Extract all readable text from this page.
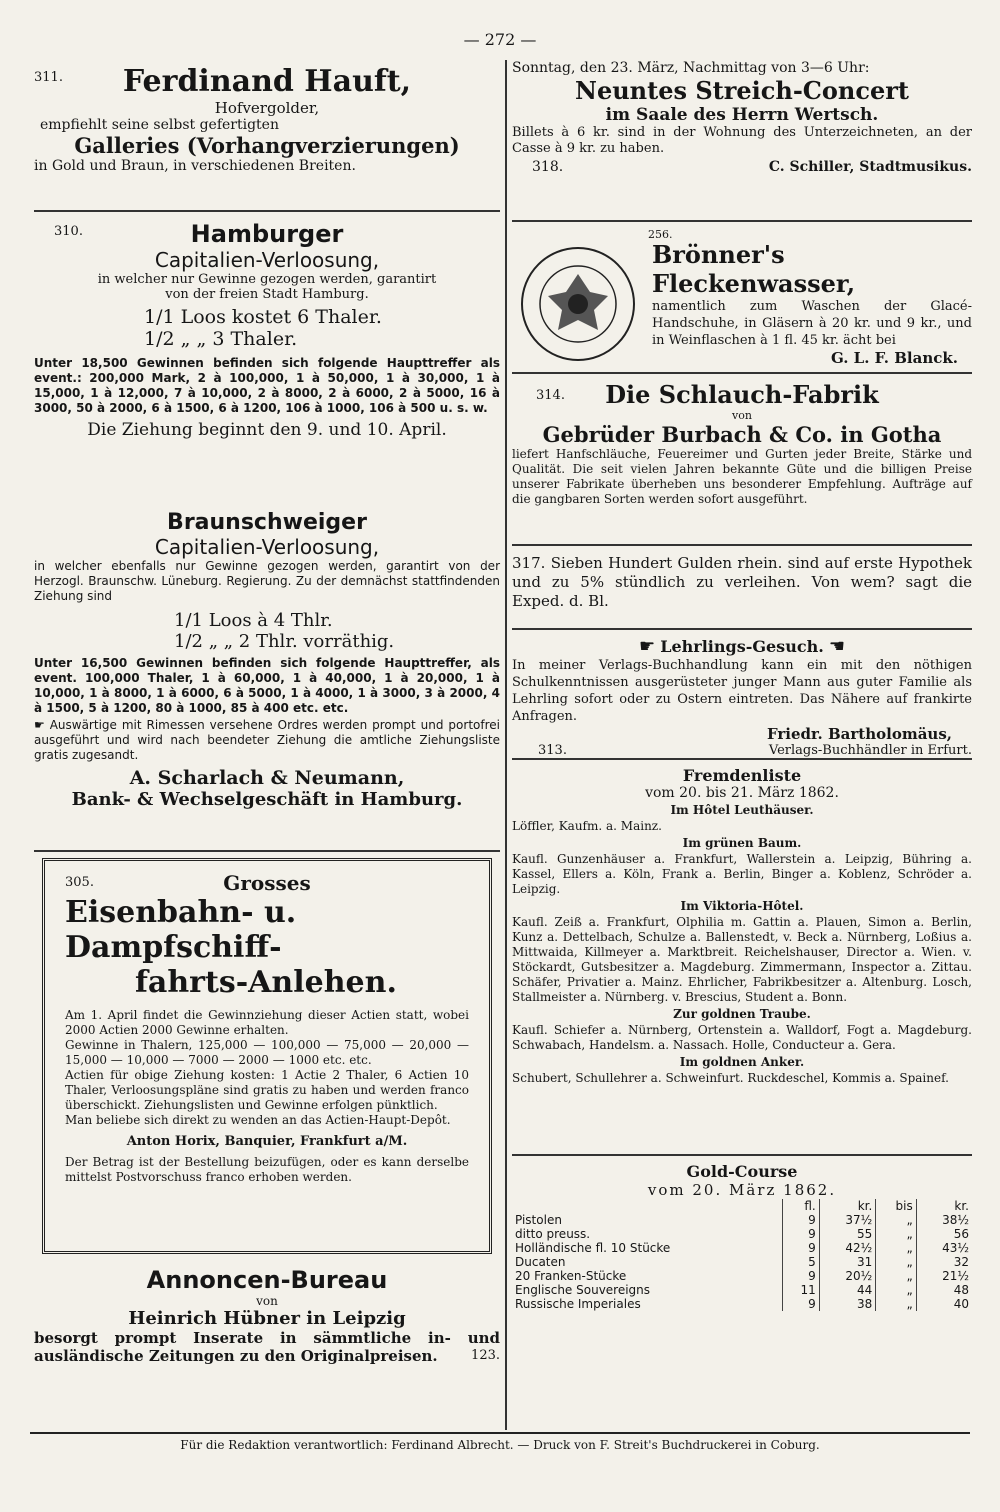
— 272 —
311.	Ferdinand Hauft,
Hofvergolder,
empfiehlt seine selbst gefertigten
Galleries (Vorhangverzierungen)
in Gold und Braun, in verschiedenen Breiten.
310.	Hamburger
Capitalien-Verloosung,
in welcher nur Gewinne gezogen werden, garantirt
von der freien Stadt Hamburg.
1/1 Loos kostet 6 Thaler.
1/2 „ „ 3 Thaler.
Unter 18,500 Gewinnen befinden sich folgende Haupttreffer als event.: 200,000 Mark, 2 à 100,000, 1 à 50,000, 1 à 30,000, 1 à 15,000, 1 à 12,000, 7 à 10,000, 2 à 8000, 2 à 6000, 2 à 5000, 16 à 3000, 50 à 2000, 6 à 1500, 6 à 1200, 106 à 1000, 106 à 500 u. s. w.
Die Ziehung beginnt den 9. und 10. April.
Braunschweiger
Capitalien-Verloosung,
in welcher ebenfalls nur Gewinne gezogen werden, garantirt von der Herzogl. Braunschw. Lüneburg. Regierung. Zu der demnächst stattfindenden Ziehung sind
1/1 Loos à 4 Thlr.
1/2 „ „ 2 Thlr. vorräthig.
Unter 16,500 Gewinnen befinden sich folgende Haupttreffer, als event. 100,000 Thaler, 1 à 60,000, 1 à 40,000, 1 à 20,000, 1 à 10,000, 1 à 8000, 1 à 6000, 6 à 5000, 1 à 4000, 1 à 3000, 3 à 2000, 4 à 1500, 5 à 1200, 80 à 1000, 85 à 400 etc. etc.
☛ Auswärtige mit Rimessen versehene Ordres werden prompt und portofrei ausgeführt und wird nach beendeter Ziehung die amtliche Ziehungsliste gratis zugesandt.
A. Scharlach & Neumann,
Bank- & Wechselgeschäft in Hamburg.
305.	Grosses
Eisenbahn- u. Dampfschiff-
fahrts-Anlehen.
Am 1. April findet die Gewinnziehung dieser Actien statt, wobei 2000 Actien 2000 Gewinne erhalten.
Gewinne in Thalern, 125,000 — 100,000 — 75,000 — 20,000 — 15,000 — 10,000 — 7000 — 2000 — 1000 etc. etc.
Actien für obige Ziehung kosten: 1 Actie 2 Thaler, 6 Actien 10 Thaler, Verloosungspläne sind gratis zu haben und werden franco überschickt. Ziehungslisten und Gewinne erfolgen pünktlich.
Man beliebe sich direkt zu wenden an das Actien-Haupt-Depôt.
Anton Horix, Banquier, Frankfurt a/M.
Der Betrag ist der Bestellung beizufügen, oder es kann derselbe mittelst Postvorschuss franco erhoben werden.
Annoncen-Bureau
von
Heinrich Hübner in Leipzig
besorgt prompt Inserate in sämmtliche in- und ausländische Zeitungen zu den Originalpreisen.	123.
Sonntag, den 23. März, Nachmittag von 3—6 Uhr:
Neuntes Streich-Concert
im Saale des Herrn Wertsch.
Billets à 6 kr. sind in der Wohnung des Unterzeichneten, an der Casse à 9 kr. zu haben.
318.	C. Schiller, Stadtmusikus.
256.
Brönner's Fleckenwasser,
namentlich zum Waschen der Glacé-Handschuhe, in Gläsern à 20 kr. und 9 kr., und in Weinflaschen à 1 fl. 45 kr. ächt bei
G. L. F. Blanck.
314.	Die Schlauch-Fabrik
von
Gebrüder Burbach & Co. in Gotha
liefert Hanfschläuche, Feuereimer und Gurten jeder Breite, Stärke und Qualität. Die seit vielen Jahren bekannte Güte und die billigen Preise unserer Fabrikate überheben uns besonderer Empfehlung. Aufträge auf die gangbaren Sorten werden sofort ausgeführt.
317. Sieben Hundert Gulden rhein. sind auf erste Hypothek und zu 5% stündlich zu verleihen. Von wem? sagt die Exped. d. Bl.
☛ Lehrlings-Gesuch. ☚
In meiner Verlags-Buchhandlung kann ein mit den nöthigen Schulkenntnissen ausgerüsteter junger Mann aus guter Familie als Lehrling sofort oder zu Ostern eintreten. Das Nähere auf frankirte Anfragen.
Friedr. Bartholomäus,
313.	Verlags-Buchhändler in Erfurt.
Fremdenliste
vom 20. bis 21. März 1862.
Im Hôtel Leuthäuser.
Löffler, Kaufm. a. Mainz.
Im grünen Baum.
Kaufl. Gunzenhäuser a. Frankfurt, Wallerstein a. Leipzig, Bühring a. Kassel, Ellers a. Köln, Frank a. Berlin, Binger a. Koblenz, Schröder a. Leipzig.
Im Viktoria-Hôtel.
Kaufl. Zeiß a. Frankfurt, Olphilia m. Gattin a. Plauen, Simon a. Berlin, Kunz a. Dettelbach, Schulze a. Ballenstedt, v. Beck a. Nürnberg, Loßius a. Mittwaida, Killmeyer a. Marktbreit. Reichelshauser, Director a. Wien. v. Stöckardt, Gutsbesitzer a. Magdeburg. Zimmermann, Inspector a. Zittau. Schäfer, Privatier a. Mainz. Ehrlicher, Fabrikbesitzer a. Altenburg. Losch, Stallmeister a. Nürnberg. v. Brescius, Student a. Bonn.
Zur goldnen Traube.
Kaufl. Schiefer a. Nürnberg, Ortenstein a. Walldorf, Fogt a. Magdeburg. Schwabach, Handelsm. a. Nassach. Holle, Conducteur a. Gera.
Im goldnen Anker.
Schubert, Schullehrer a. Schweinfurt. Ruckdeschel, Kommis a. Spainef.
Gold-Course
vom 20. März 1862.
	fl.	kr.	bis	kr.
Pistolen	9	37½	„	38½
ditto preuss.	9	55	„	56
Holländische fl. 10 Stücke	9	42½	„	43½
Ducaten	5	31	„	32
20 Franken-Stücke	9	20½	„	21½
Englische Souvereigns	11	44	„	48
Russische Imperiales	9	38	„	40
Für die Redaktion verantwortlich: Ferdinand Albrecht. — Druck von F. Streit's Buchdruckerei in Coburg.
